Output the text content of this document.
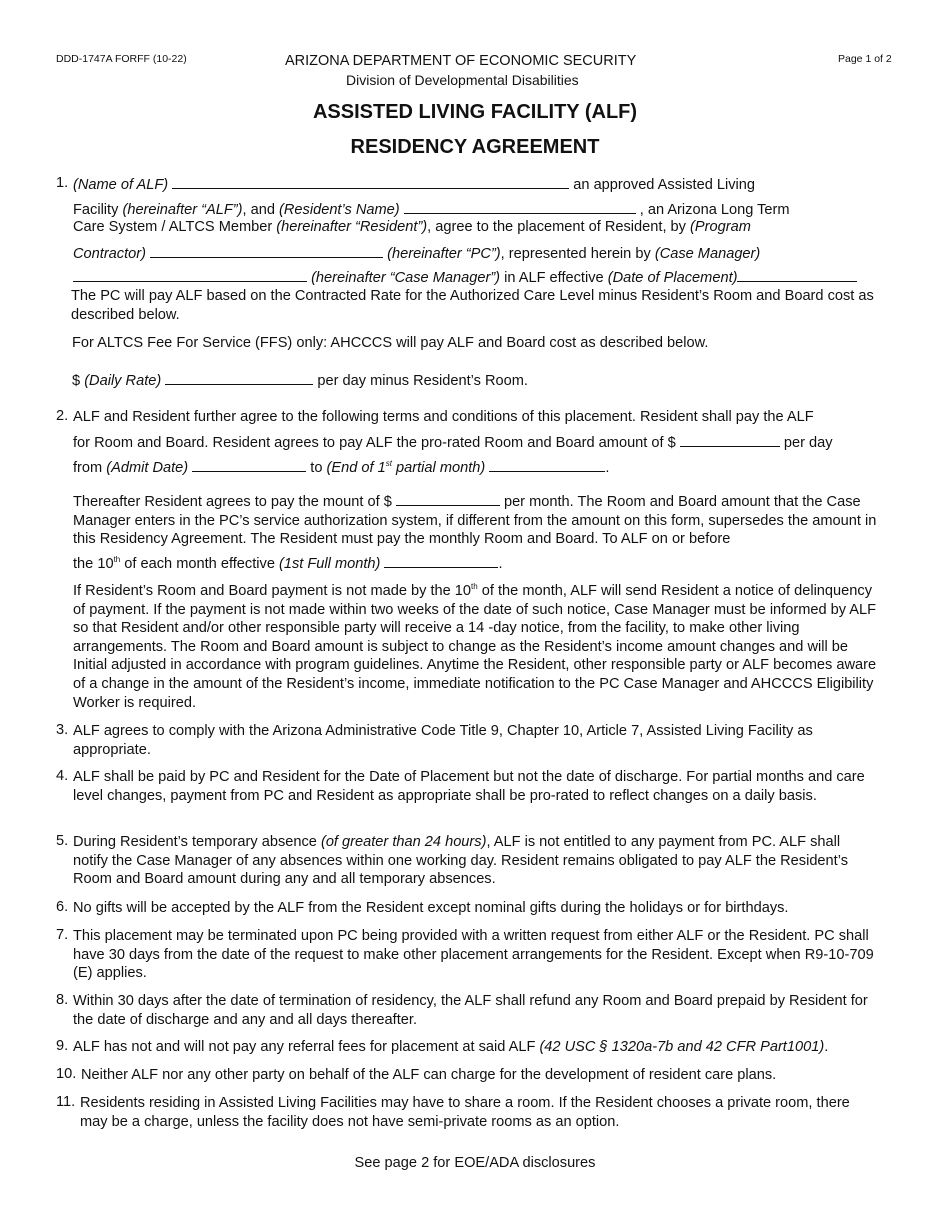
DDD-1747A FORFF (10-22)	ARIZONA DEPARTMENT OF ECONOMIC SECURITY
Division of Developmental Disabilities
Page 1 of 2
ASSISTED LIVING FACILITY (ALF)
RESIDENCY AGREEMENT
1. (Name of ALF)	an approved Assisted Living
Facility (hereinafter “ALF”), and (Resident’s Name)	, an Arizona Long Term
Care System / ALTCS Member (hereinafter “Resident”), agree to the placement of Resident, by (Program
Contractor)	(hereinafter “PC”), represented herein by (Case Manager)
(hereinafter “Case Manager”) in ALF effective (Date of Placement)
The PC will pay ALF based on the Contracted Rate for the Authorized Care Level minus Resident’s Room and Board cost as described below.
For ALTCS Fee For Service (FFS) only: AHCCCS will pay ALF and Board cost as described below.
$ (Daily Rate)	per day minus Resident’s Room.
2. ALF and Resident further agree to the following terms and conditions of this placement. Resident shall pay the ALF
for Room and Board. Resident agrees to pay ALF the pro-rated Room and Board amount of $	per day
from (Admit Date)	to (End of 1st partial month)	.
Thereafter Resident agrees to pay the mount of $	per month. The Room and Board amount that the Case Manager enters in the PC’s service authorization system, if different from the amount on this form, supersedes the amount in this Residency Agreement. The Resident must pay the monthly Room and Board. To ALF on or before
the 10th of each month effective (1st Full month)	.
If Resident’s Room and Board payment is not made by the 10th of the month, ALF will send Resident a notice of delinquency of payment. If the payment is not made within two weeks of the date of such notice, Case Manager must be informed by ALF so that Resident and/or other responsible party will receive a 14 -day notice, from the facility, to make other living arrangements. The Room and Board amount is subject to change as the Resident’s income amount changes and will be Initial adjusted in accordance with program guidelines. Anytime the Resident, other responsible party or ALF becomes aware of a change in the amount of the Resident’s income, immediate notification to the PC Case Manager and AHCCCS Eligibility Worker is required.
3. ALF agrees to comply with the Arizona Administrative Code Title 9, Chapter 10, Article 7, Assisted Living Facility as appropriate.
4. ALF shall be paid by PC and Resident for the Date of Placement but not the date of discharge. For partial months and care level changes, payment from PC and Resident as appropriate shall be pro-rated to reflect changes on a daily basis.
5. During Resident’s temporary absence (of greater than 24 hours), ALF is not entitled to any payment from PC. ALF shall notify the Case Manager of any absences within one working day. Resident remains obligated to pay ALF the Resident’s Room and Board amount during any and all temporary absences.
6. No gifts will be accepted by the ALF from the Resident except nominal gifts during the holidays or for birthdays.
7. This placement may be terminated upon PC being provided with a written request from either ALF or the Resident. PC shall have 30 days from the date of the request to make other placement arrangements for the Resident. Except when R9-10-709 (E) applies.
8. Within 30 days after the date of termination of residency, the ALF shall refund any Room and Board prepaid by Resident for the date of discharge and any and all days thereafter.
9. ALF has not and will not pay any referral fees for placement at said ALF (42 USC § 1320a-7b and 42 CFR Part1001).
10. Neither ALF nor any other party on behalf of the ALF can charge for the development of resident care plans.
11. Residents residing in Assisted Living Facilities may have to share a room. If the Resident chooses a private room, there may be a charge, unless the facility does not have semi-private rooms as an option.
See page 2 for EOE/ADA disclosures
